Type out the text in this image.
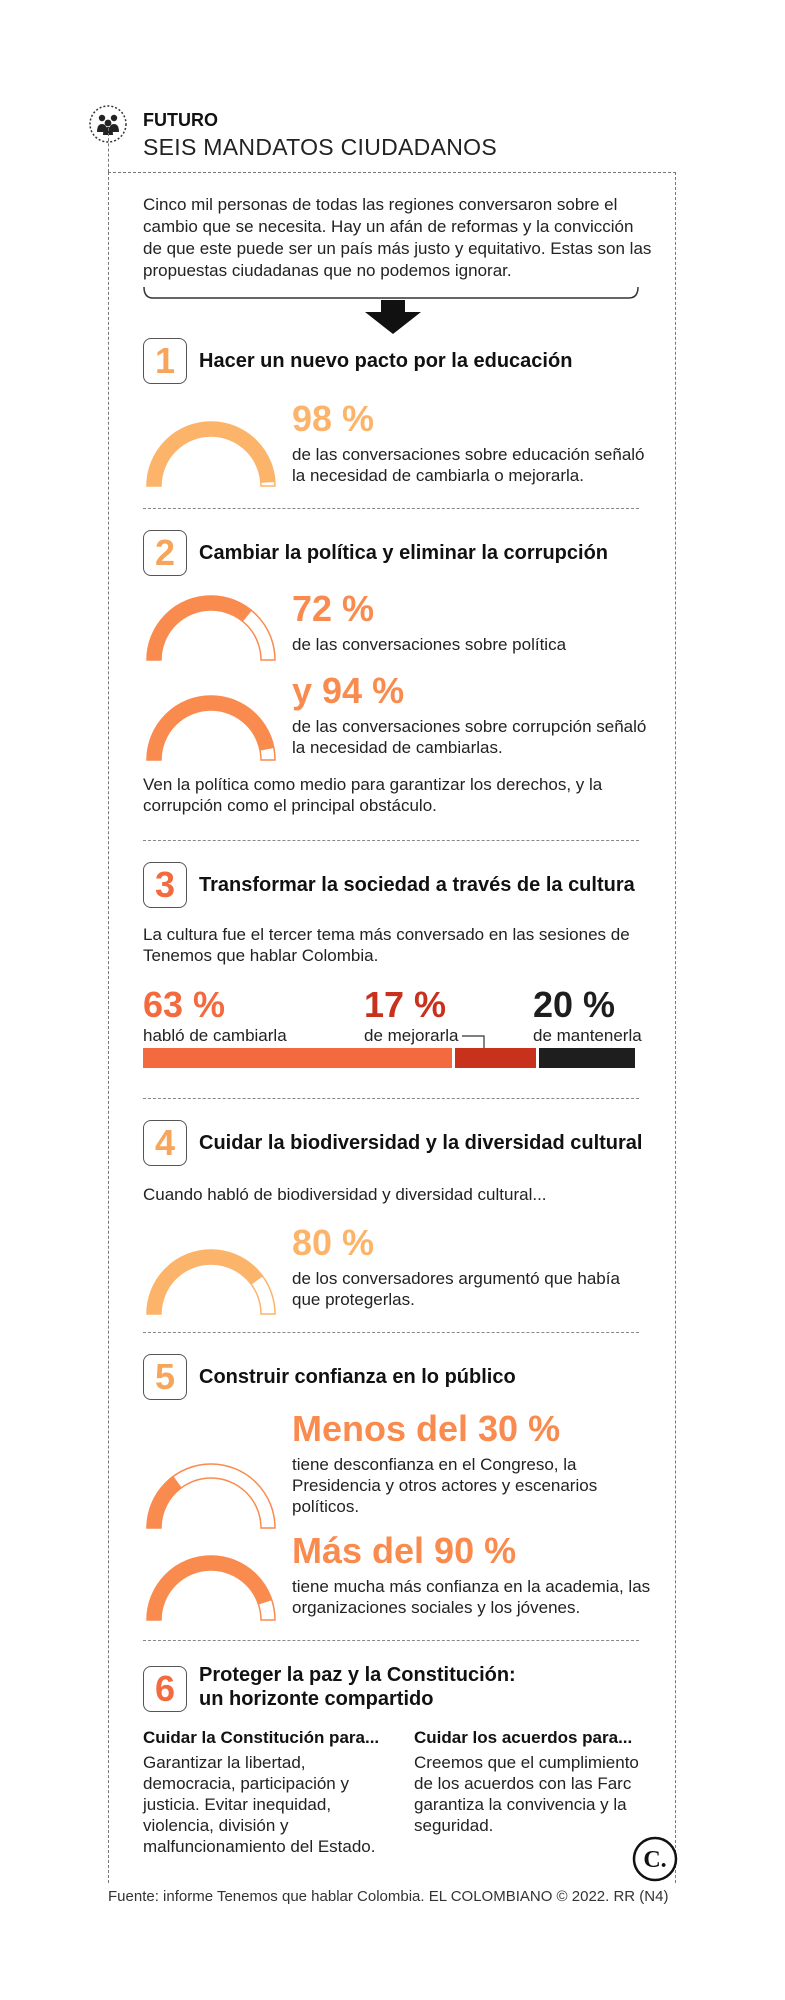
FUTURO
SEIS MANDATOS CIUDADANOS
Cinco mil personas de todas las regiones conversaron sobre el cambio que se necesita. Hay un afán de reformas y la convicción de que este puede ser un país más justo y equitativo. Estas son las propuestas ciudadanas que no podemos ignorar.
1	Hacer un nuevo pacto por la educación
98 %
de las conversaciones sobre educación señaló la necesidad de cambiarla o mejorarla.
2	Cambiar la política y eliminar la corrupción
72 %
de las conversaciones sobre política
y 94 %
de las conversaciones sobre corrupción señaló la necesidad de cambiarlas.
Ven la política como medio para garantizar los derechos, y la corrupción como el principal obstáculo.
3	Transformar la sociedad a través de la cultura
La cultura fue el tercer tema más conversado en las sesiones de Tenemos que hablar Colombia.
63 %
habló de cambiarla
17 %
de mejorarla
20 %
de mantenerla
4	Cuidar la biodiversidad y la diversidad cultural
Cuando habló de biodiversidad y diversidad cultural...
80 %
de los conversadores argumentó que había que protegerlas.
5	Construir confianza en lo público
Menos del 30 %
tiene desconfianza en el Congreso, la Presidencia y otros actores y escenarios políticos.
Más del 90 %
tiene mucha más confianza en la academia, las organizaciones sociales y los jóvenes.
6	Proteger la paz y la Constitución:
un horizonte compartido
Cuidar la Constitución para...
Garantizar la libertad, democracia, participación y justicia. Evitar inequidad, violencia, división y malfuncionamiento del Estado.
Cuidar los acuerdos para...
Creemos que el cumplimiento de los acuerdos con las Farc garantiza la convivencia y la seguridad.
C.
Fuente: informe Tenemos que hablar Colombia. EL COLOMBIANO © 2022. RR (N4)
